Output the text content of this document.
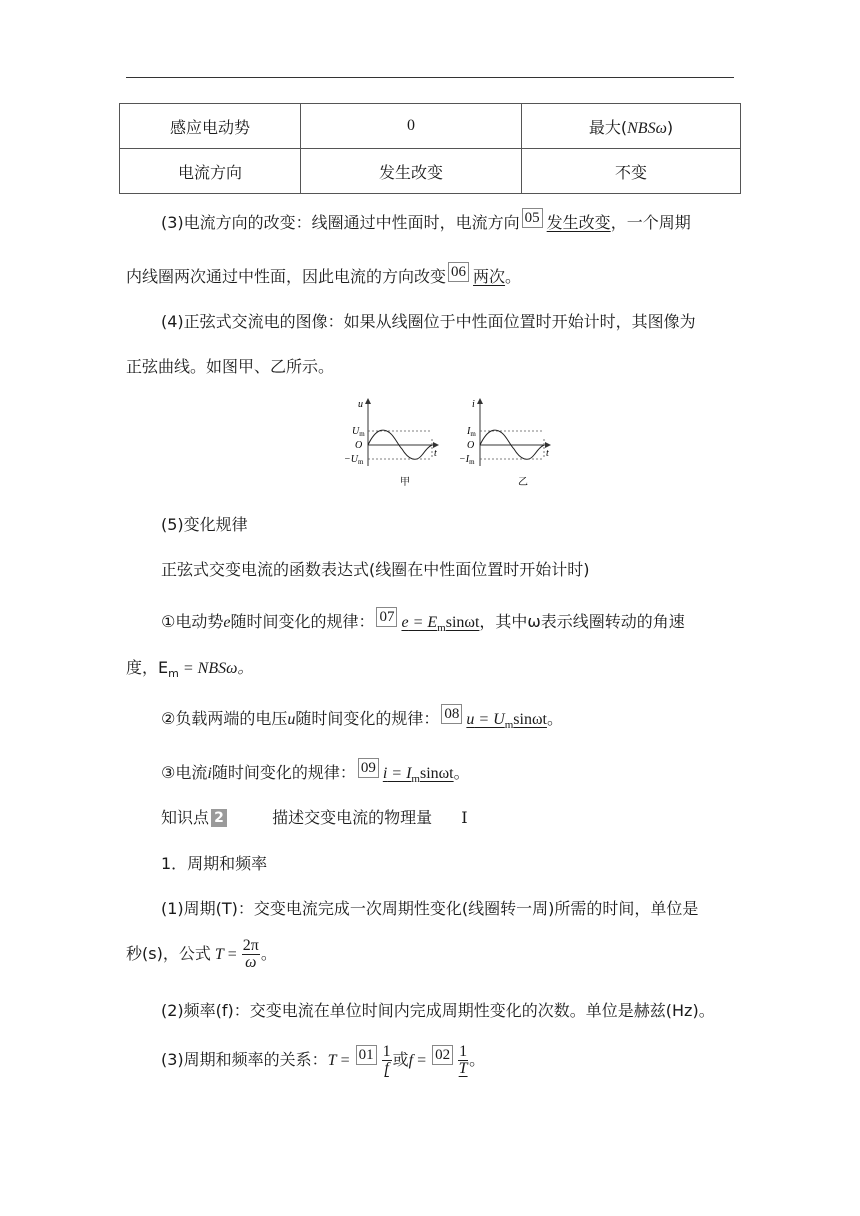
感应电动势	0	最大(NBSω)
电流方向	发生改变	不变
(3)电流方向的改变：线圈通过中性面时，电流方向 05 发生改变，一个周期
内线圈两次通过中性面，因此电流的方向改变 06 两次。
(4)正弦式交流电的图像：如果从线圈位于中性面位置时开始计时，其图像为
正弦曲线。如图甲、乙所示。
u
$U_m$
O
$-U_m$
t
甲
i
$I_m$
O
$-I_m$
t
乙
(5)变化规律
正弦式交变电流的函数表达式(线圈在中性面位置时开始计时)
①电动势e随时间变化的规律： 07 $e = E_m\sin\omega t$，其中ω表示线圈转动的角速
度，$E_m = NBS\omega$。
②负载两端的电压u随时间变化的规律： 08 $u = U_m\sin\omega t$。
③电流i随时间变化的规律： 09 $i = I_m\sin\omega t$。
知识点 2	描述交变电流的物理量 Ⅰ
1．周期和频率
(1)周期(T)：交变电流完成一次周期性变化(线圈转一周)所需的时间，单位是
秒(s)，公式 $T = \frac{2\pi}{\omega}$ 。
(2)频率(f)：交变电流在单位时间内完成周期性变化的次数。单位是赫兹(Hz)。
(3)周期和频率的关系：$T = 01 \frac{1}{f}$ 或$f = 02 \frac{1}{T}$ 。
